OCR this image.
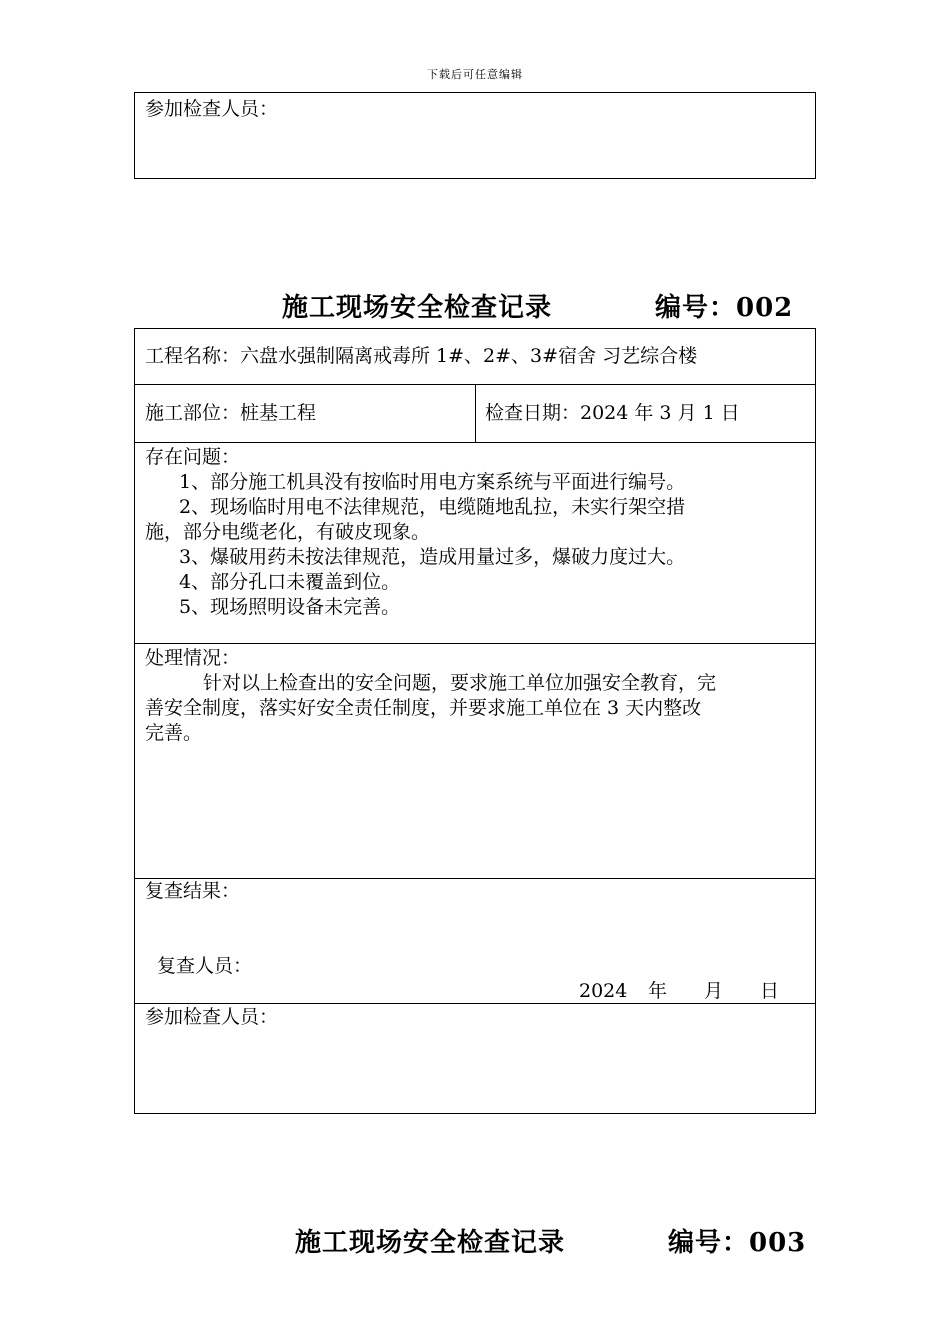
下载后可任意编辑
参加检查人员：
施工现场安全检查记录	编号：002
工程名称：六盘水强制隔离戒毒所 1#、2#、3#宿舍 习艺综合楼
施工部位：桩基工程	检查日期：2024 年 3 月 1 日
存在问题：
1、部分施工机具没有按临时用电方案系统与平面进行编号。
2、现场临时用电不法律规范，电缆随地乱拉，未实行架空措
施，部分电缆老化，有破皮现象。
3、爆破用药未按法律规范，造成用量过多，爆破力度过大。
4、部分孔口未覆盖到位。
5、现场照明设备未完善。
处理情况：
针对以上检查出的安全问题，要求施工单位加强安全教育，完
善安全制度，落实好安全责任制度，并要求施工单位在 3 天内整改
完善。
复查结果：
复查人员：
2024 年 月 日
参加检查人员：
施工现场安全检查记录	编号：003
